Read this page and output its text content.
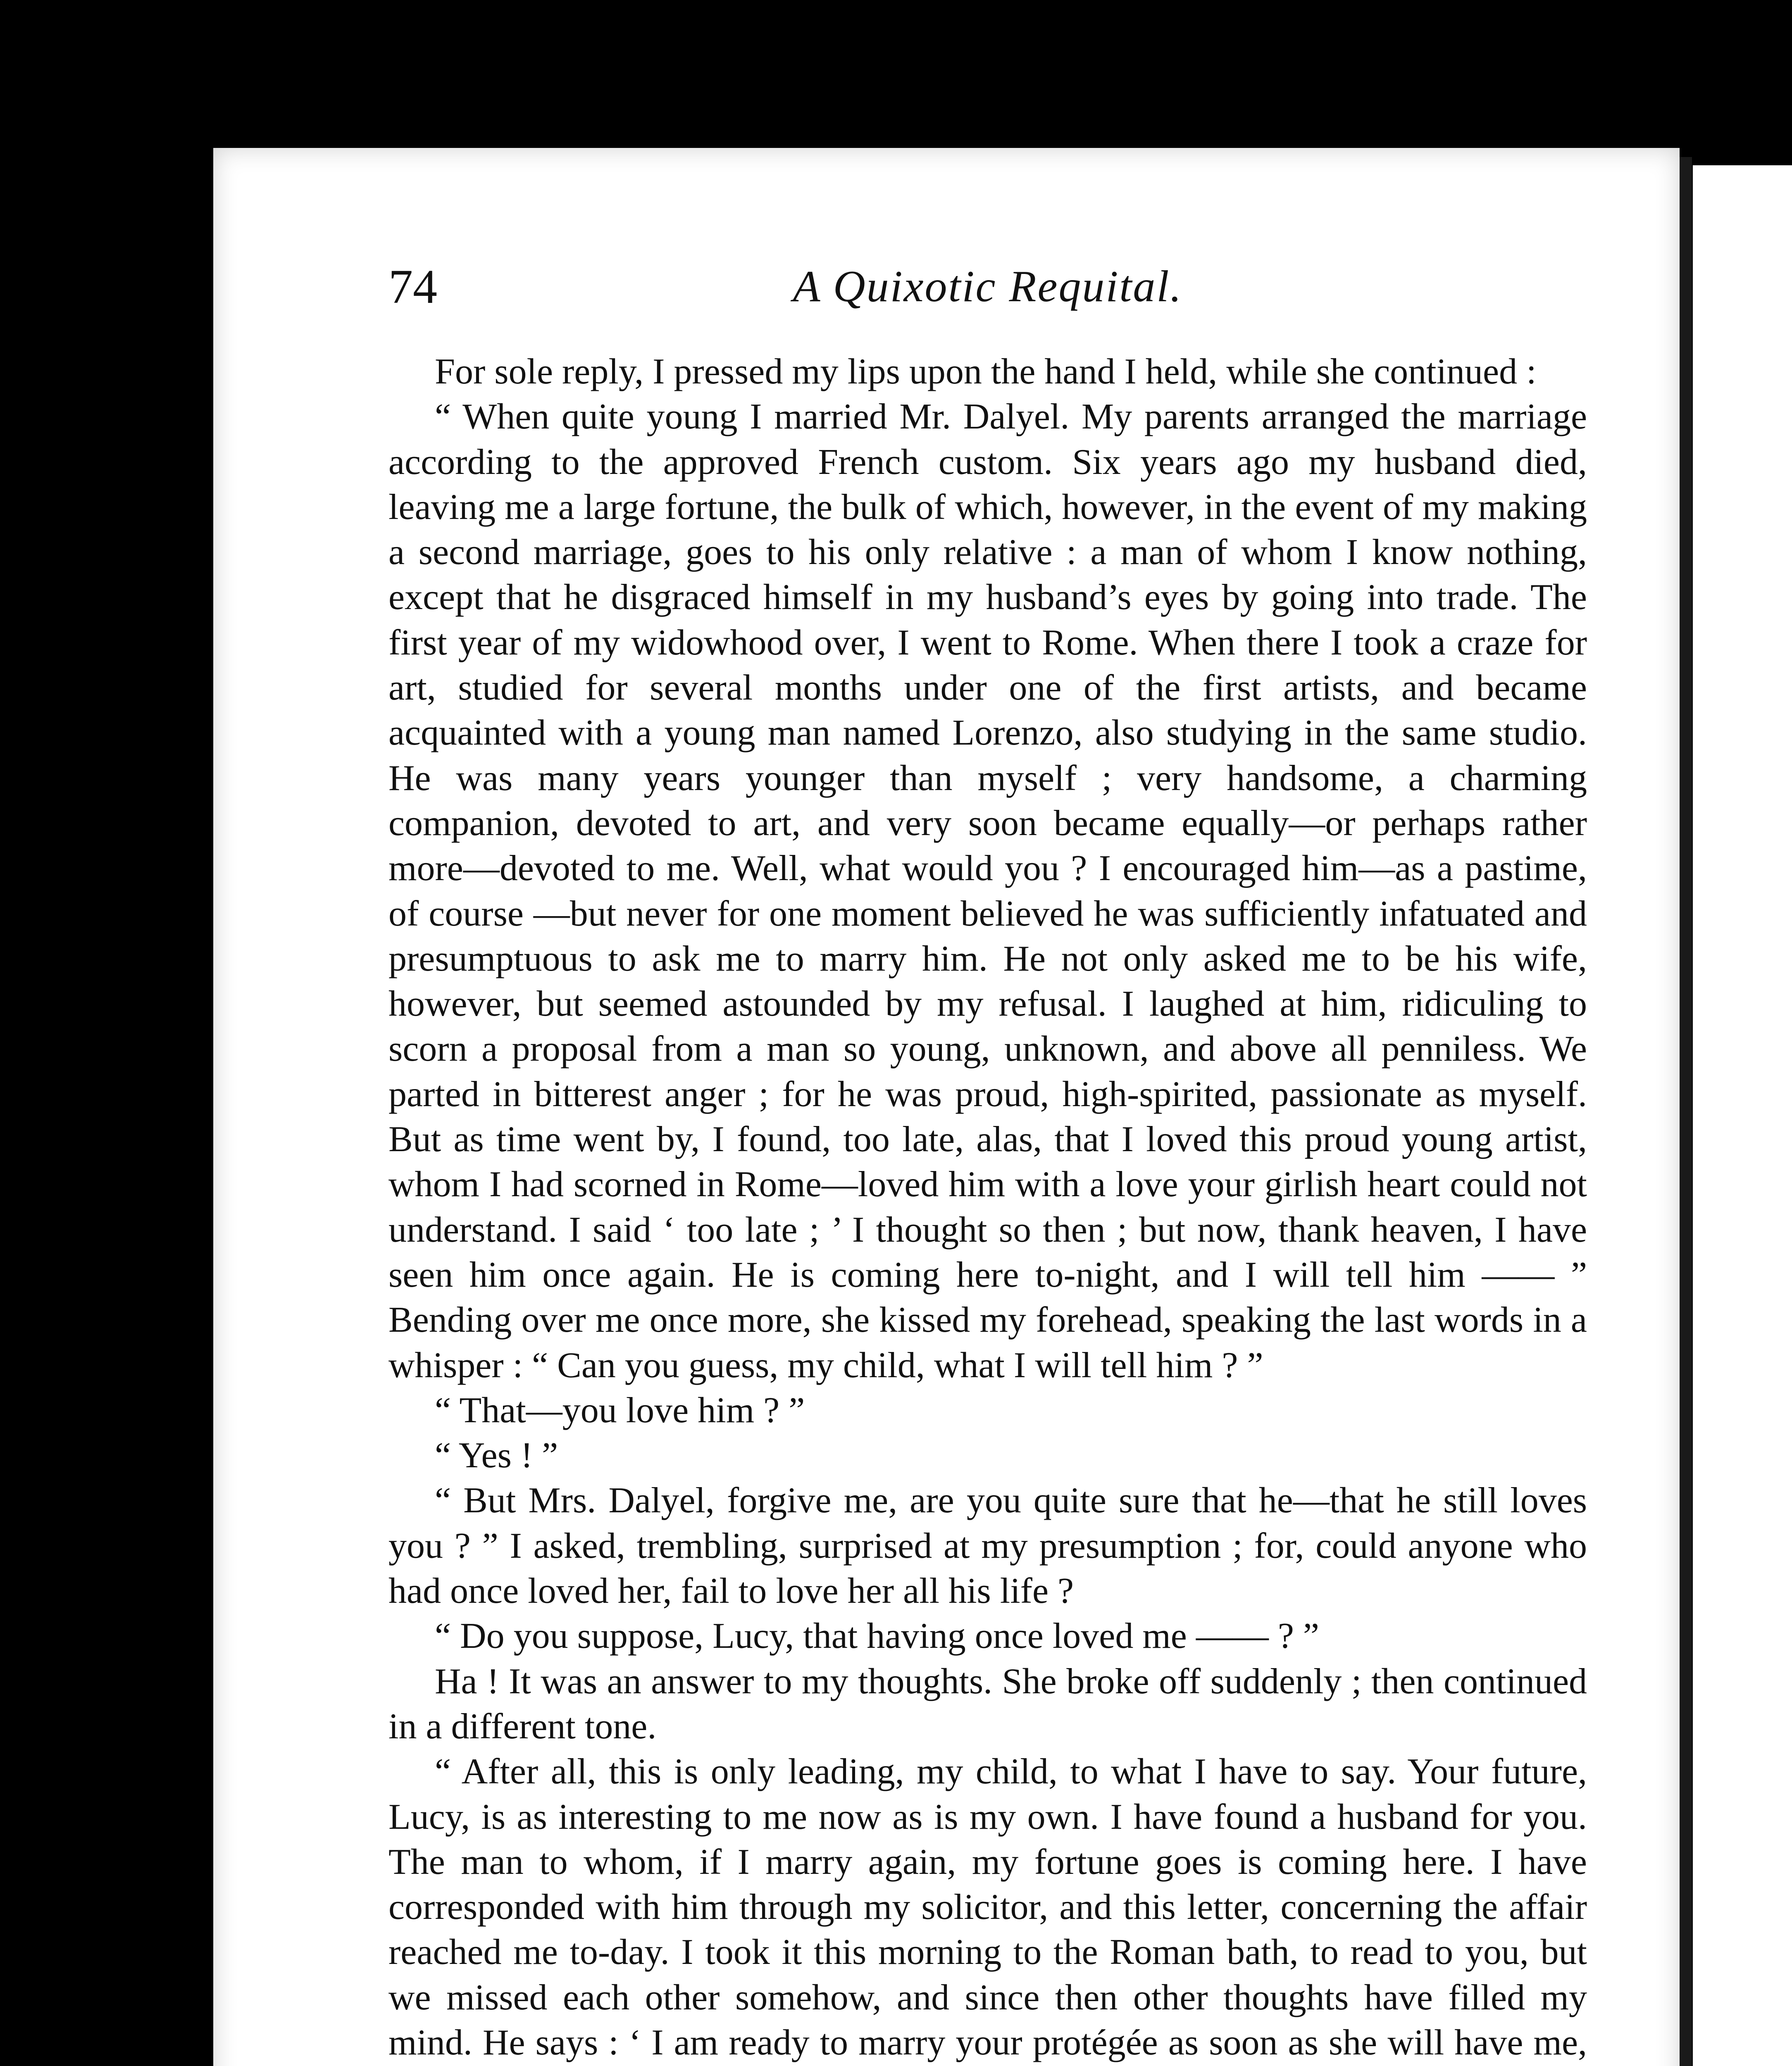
74	A Quixotic Requital.

For sole reply, I pressed my lips upon the hand I held, while she continued :

“ When quite young I married Mr. Dalyel. My parents arranged the marriage according to the approved French custom. Six years ago my husband died, leaving me a large fortune, the bulk of which, however, in the event of my making a second marriage, goes to his only relative : a man of whom I know nothing, except that he disgraced himself in my husband’s eyes by going into trade. The first year of my widowhood over, I went to Rome. When there I took a craze for art, studied for several months under one of the first artists, and became acquainted with a young man named Lorenzo, also studying in the same studio. He was many years younger than myself ; very handsome, a charming companion, devoted to art, and very soon became equally—or perhaps rather more—devoted to me. Well, what would you ? I encouraged him—as a pastime, of course —but never for one moment believed he was sufficiently infatuated and presumptuous to ask me to marry him. He not only asked me to be his wife, however, but seemed astounded by my refusal. I laughed at him, ridiculing to scorn a proposal from a man so young, unknown, and above all penniless. We parted in bitterest anger ; for he was proud, high-spirited, passionate as myself. But as time went by, I found, too late, alas, that I loved this proud young artist, whom I had scorned in Rome—loved him with a love your girlish heart could not understand. I said ‘ too late ; ’ I thought so then ; but now, thank heaven, I have seen him once again. He is coming here to-night, and I will tell him —— ” Bending over me once more, she kissed my forehead, speaking the last words in a whisper : “ Can you guess, my child, what I will tell him ? ”

“ That—you love him ? ”

“ Yes ! ”

“ But Mrs. Dalyel, forgive me, are you quite sure that he—that he still loves you ? ” I asked, trembling, surprised at my presumption ; for, could anyone who had once loved her, fail to love her all his life ?

“ Do you suppose, Lucy, that having once loved me —— ? ”

Ha ! It was an answer to my thoughts. She broke off suddenly ; then continued in a different tone.

“ After all, this is only leading, my child, to what I have to say. Your future, Lucy, is as interesting to me now as is my own. I have found a husband for you. The man to whom, if I marry again, my fortune goes is coming here. I have corresponded with him through my solicitor, and this letter, concerning the affair reached me to-day. I took it this morning to the Roman bath, to read to you, but we missed each other somehow, and since then other thoughts have filled my mind. He says : ‘ I am ready to marry your protégée as soon as she will have me,
